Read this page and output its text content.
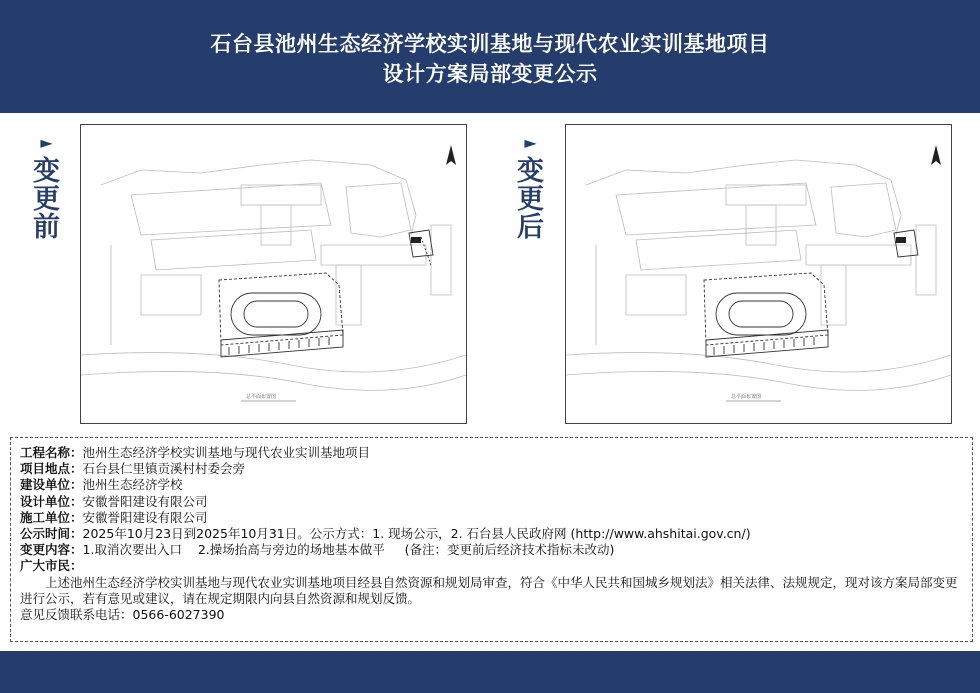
石台县池州生态经济学校实训基地与现代农业实训基地项目
设计方案局部变更公示
►
变
更
前
►
变
更
后
总平面布置图	总平面布置图
工程名称：池州生态经济学校实训基地与现代农业实训基地项目
项目地点：石台县仁里镇贡溪村村委会旁
建设单位：池州生态经济学校
设计单位：安徽誉阳建设有限公司
施工单位：安徽誉阳建设有限公司
公示时间：2025年10月23日到2025年10月31日。公示方式：1. 现场公示，2. 石台县人民政府网 (http://www.ahshitai.gov.cn/)
变更内容：1.取消次要出入口    2.操场抬高与旁边的场地基本做平     (备注：变更前后经济技术指标未改动)
广大市民：
上述池州生态经济学校实训基地与现代农业实训基地项目经县自然资源和规划局审查，符合《中华人民共和国城乡规划法》相关法律、法规规定，现对该方案局部变更进行公示，若有意见或建议，请在规定期限内向县自然资源和规划反馈。
意见反馈联系电话：0566-6027390
